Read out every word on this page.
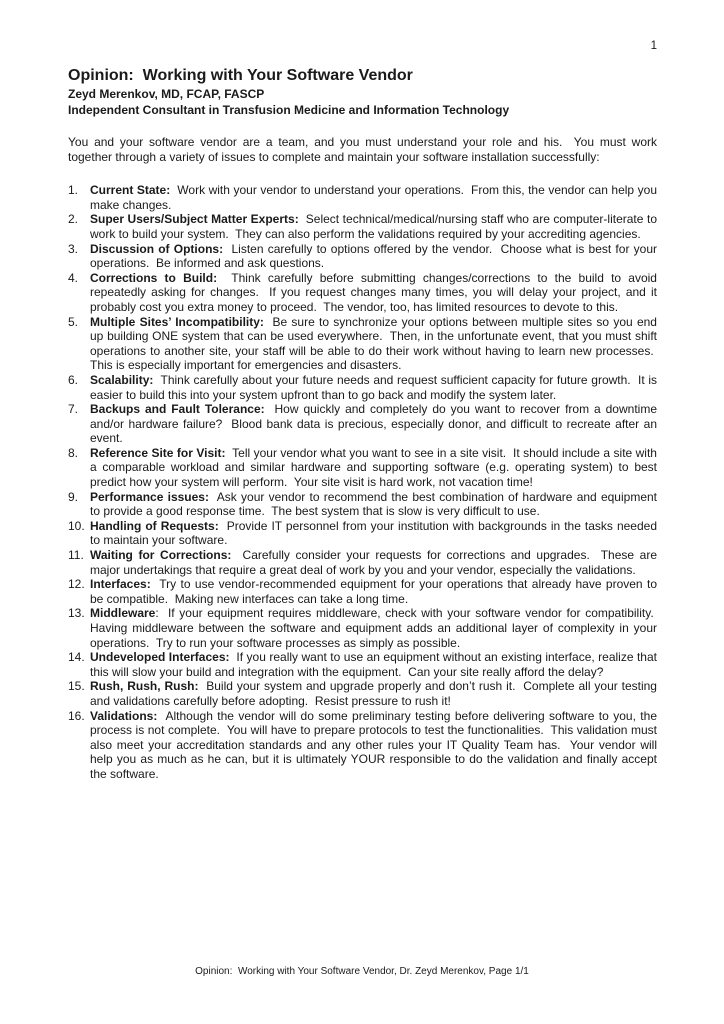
1
Opinion:  Working with Your Software Vendor
Zeyd Merenkov, MD, FCAP, FASCP
Independent Consultant in Transfusion Medicine and Information Technology

You and your software vendor are a team, and you must understand your role and his.  You must work together through a variety of issues to complete and maintain your software installation successfully:

1. Current State:  Work with your vendor to understand your operations.  From this, the vendor can help you make changes.
2. Super Users/Subject Matter Experts:  Select technical/medical/nursing staff who are computer-literate to work to build your system.  They can also perform the validations required by your accrediting agencies.
3. Discussion of Options:  Listen carefully to options offered by the vendor.  Choose what is best for your operations.  Be informed and ask questions.
4. Corrections to Build:  Think carefully before submitting changes/corrections to the build to avoid repeatedly asking for changes.  If you request changes many times, you will delay your project, and it probably cost you extra money to proceed.  The vendor, too, has limited resources to devote to this.
5. Multiple Sites’ Incompatibility:  Be sure to synchronize your options between multiple sites so you end up building ONE system that can be used everywhere.  Then, in the unfortunate event, that you must shift operations to another site, your staff will be able to do their work without having to learn new processes.  This is especially important for emergencies and disasters.
6. Scalability:  Think carefully about your future needs and request sufficient capacity for future growth.  It is easier to build this into your system upfront than to go back and modify the system later.
7. Backups and Fault Tolerance:  How quickly and completely do you want to recover from a downtime and/or hardware failure?  Blood bank data is precious, especially donor, and difficult to recreate after an event.
8. Reference Site for Visit:  Tell your vendor what you want to see in a site visit.  It should include a site with a comparable workload and similar hardware and supporting software (e.g. operating system) to best predict how your system will perform.  Your site visit is hard work, not vacation time!
9. Performance issues:  Ask your vendor to recommend the best combination of hardware and equipment to provide a good response time.  The best system that is slow is very difficult to use.
10. Handling of Requests:  Provide IT personnel from your institution with backgrounds in the tasks needed to maintain your software.
11. Waiting for Corrections:  Carefully consider your requests for corrections and upgrades.  These are major undertakings that require a great deal of work by you and your vendor, especially the validations.
12. Interfaces:  Try to use vendor-recommended equipment for your operations that already have proven to be compatible.  Making new interfaces can take a long time.
13. Middleware:  If your equipment requires middleware, check with your software vendor for compatibility.  Having middleware between the software and equipment adds an additional layer of complexity in your operations.  Try to run your software processes as simply as possible.
14. Undeveloped Interfaces:  If you really want to use an equipment without an existing interface, realize that this will slow your build and integration with the equipment.  Can your site really afford the delay?
15. Rush, Rush, Rush:  Build your system and upgrade properly and don’t rush it.  Complete all your testing and validations carefully before adopting.  Resist pressure to rush it!
16. Validations:  Although the vendor will do some preliminary testing before delivering software to you, the process is not complete.  You will have to prepare protocols to test the functionalities.  This validation must also meet your accreditation standards and any other rules your IT Quality Team has.  Your vendor will help you as much as he can, but it is ultimately YOUR responsible to do the validation and finally accept the software.
Opinion:  Working with Your Software Vendor, Dr. Zeyd Merenkov, Page 1/1
